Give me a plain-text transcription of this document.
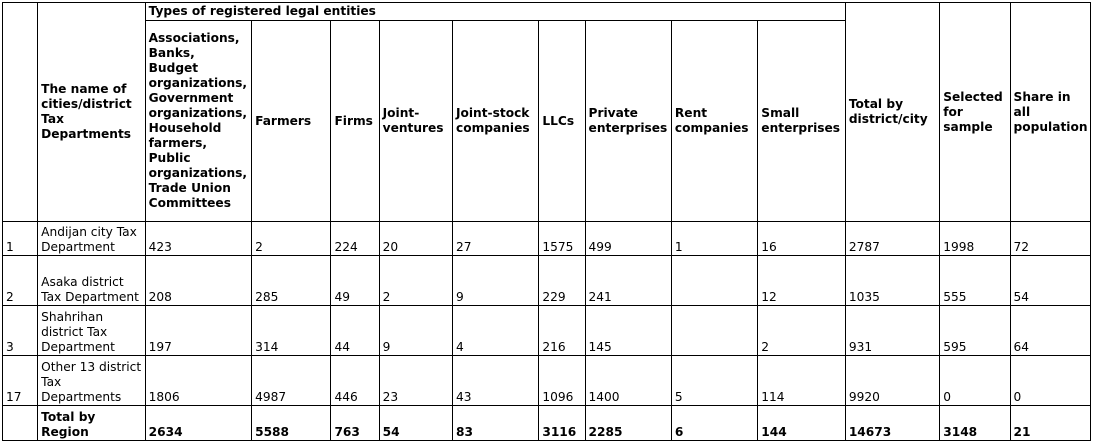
	The name of cities/district Tax Departments	Types of registered legal entities									Total by district/city	Selected for sample	Share in all population
		Associations, Banks, Budget organizations, Government organizations, Household farmers, Public organizations, Trade Union Committees	Farmers	Firms	Joint-ventures	Joint-stock companies	LLCs	Private enterprises	Rent companies	Small enterprises			
1	Andijan city Tax Department	423	2	224	20	27	1575	499	1	16	2787	1998	72
2	Asaka district Tax Department	208	285	49	2	9	229	241		12	1035	555	54
3	Shahrihan district Tax Department	197	314	44	9	4	216	145		2	931	595	64
17	Other 13 district Tax Departments	1806	4987	446	23	43	1096	1400	5	114	9920	0	0
	Total by Region	2634	5588	763	54	83	3116	2285	6	144	14673	3148	21
